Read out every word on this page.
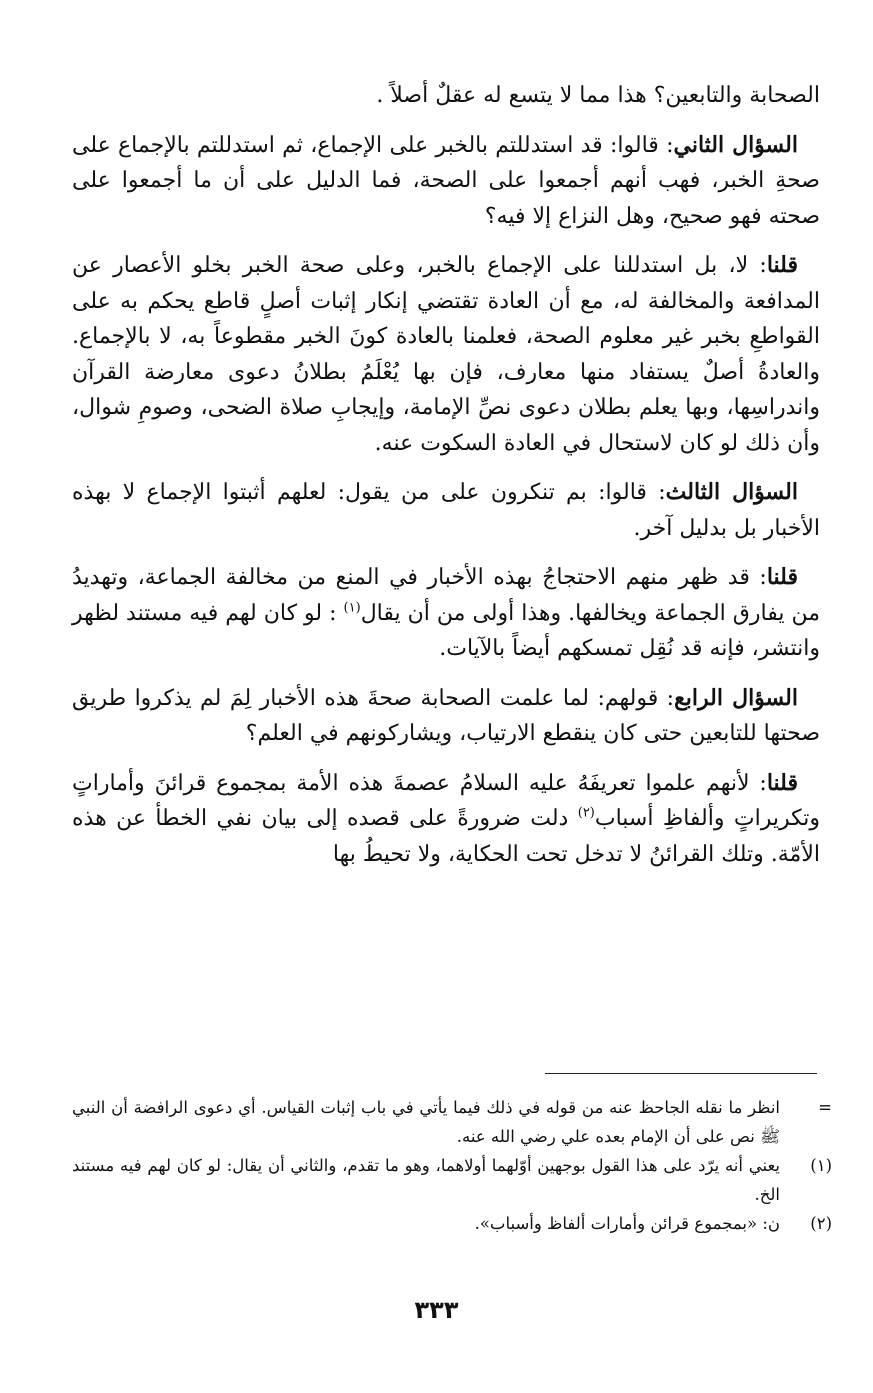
الصحابة والتابعين؟ هذا مما لا يتسع له عقلٌ أصلاً .

السؤال الثاني: قالوا: قد استدللتم بالخبر على الإجماع، ثم استدللتم بالإجماع على صحةِ الخبر، فهب أنهم أجمعوا على الصحة، فما الدليل على أن ما أجمعوا على صحته فهو صحيح، وهل النزاع إلا فيه؟

قلنا: لا، بل استدللنا على الإجماع بالخبر، وعلى صحة الخبر بخلو الأعصار عن المدافعة والمخالفة له، مع أن العادة تقتضي إنكار إثبات أصلٍ قاطع يحكم به على القواطعِ بخبر غير معلوم الصحة، فعلمنا بالعادة كونَ الخبر مقطوعاً به، لا بالإجماع. والعادةُ أصلٌ يستفاد منها معارف، فإن بها يُعْلَمُ بطلانُ دعوى معارضة القرآن واندراسِها، وبها يعلم بطلان دعوى نصِّ الإمامة، وإيجابِ صلاة الضحى، وصومِ شوال، وأن ذلك لو كان لاستحال في العادة السكوت عنه.

السؤال الثالث: قالوا: بم تنكرون على من يقول: لعلهم أثبتوا الإجماع لا بهذه الأخبار بل بدليل آخر.

قلنا: قد ظهر منهم الاحتجاجُ بهذه الأخبار في المنع من مخالفة الجماعة، وتهديدُ من يفارق الجماعة ويخالفها. وهذا أولى من أن يقال$^{(١)}$ : لو كان لهم فيه مستند لظهر وانتشر، فإنه قد نُقِل تمسكهم أيضاً بالآيات.

السؤال الرابع: قولهم: لما علمت الصحابة صحةَ هذه الأخبار لِمَ لم يذكروا طريق صحتها للتابعين حتى كان ينقطع الارتياب، ويشاركونهم في العلم؟

قلنا: لأنهم علموا تعريفَهُ عليه السلامُ عصمةَ هذه الأمة بمجموع قرائنَ وأماراتٍ وتكريراتٍ وألفاظِ أسباب$^{(٢)}$ دلت ضرورةً على قصده إلى بيان نفي الخطأ عن هذه الأمّة. وتلك القرائنُ لا تدخل تحت الحكاية، ولا تحيطُ بها

=
انظر ما نقله الجاحظ عنه من قوله في ذلك فيما يأتي في باب إثبات القياس. أي دعوى الرافضة أن النبي ﷺ نص على أن الإمام بعده علي رضي الله عنه.
(١)
يعني أنه يرّد على هذا القول بوجهين أوّلهما أولاهما، وهو ما تقدم، والثاني أن يقال: لو كان لهم فيه مستند الخ.
(٢)
ن: «بمجموع قرائن وأمارات ألفاظ وأسباب».
٣٣٣
